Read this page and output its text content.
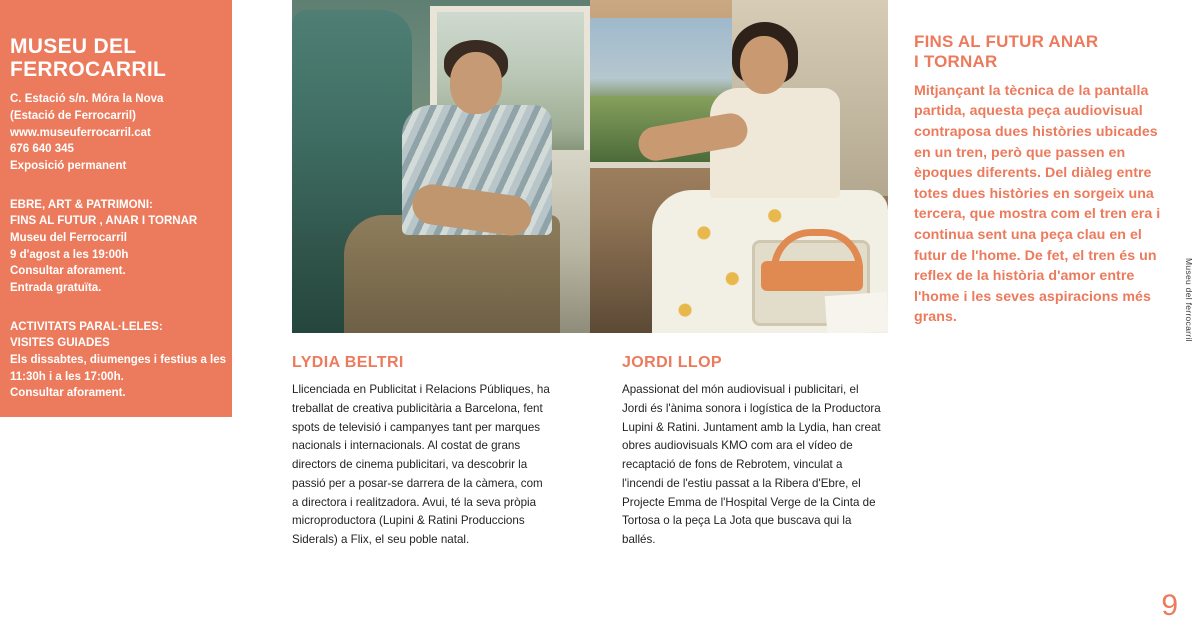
MUSEU DEL
FERROCARRIL
C. Estació s/n. Móra la Nova
(Estació de Ferrocarril)
www.museuferrocarril.cat
676 640 345
Exposició permanent
EBRE, ART & PATRIMONI:
FINS AL FUTUR , ANAR I TORNAR
Museu del Ferrocarril
9 d'agost a les 19:00h
Consultar aforament.
Entrada gratuïta.
ACTIVITATS PARAL·LELES:
VISITES GUIADES
Els dissabtes, diumenges i festius a les
11:30h i a les 17:00h.
Consultar aforament.
FINS AL FUTUR ANAR
I TORNAR
Mitjançant la tècnica de la pantalla partida, aquesta peça audiovisual contraposa dues històries ubicades en un tren, però que passen en èpoques diferents. Del diàleg entre totes dues històries en sorgeix una tercera, que mostra com el tren era i continua sent una peça clau en el futur de l'home. De fet, el tren és un reflex de la història d'amor entre l'home i les seves aspiracions més grans.	Museu del ferrocarril
LYDIA BELTRI
Llicenciada en Publicitat i Relacions Públiques, ha treballat de creativa publicitària a Barcelona, fent spots de televisió i campanyes tant per marques nacionals i internacionals. Al costat de grans directors de cinema publicitari, va descobrir la passió per a posar-se darrera de la càmera, com a directora i realitzadora. Avui, té la seva pròpia microproductora (Lupini & Ratini Produccions Siderals) a Flix, el seu poble natal.
JORDI LLOP
Apassionat del món audiovisual i publicitari, el Jordi és l'ànima sonora i logística de la Productora Lupini & Ratini. Juntament amb la Lydia, han creat obres audiovisuals KMO com ara el vídeo de recaptació de fons de Rebrotem, vinculat a l'incendi de l'estiu passat a la Ribera d'Ebre, el Projecte Emma de l'Hospital Verge de la Cinta de Tortosa o la peça La Jota que buscava qui la ballés.
9
